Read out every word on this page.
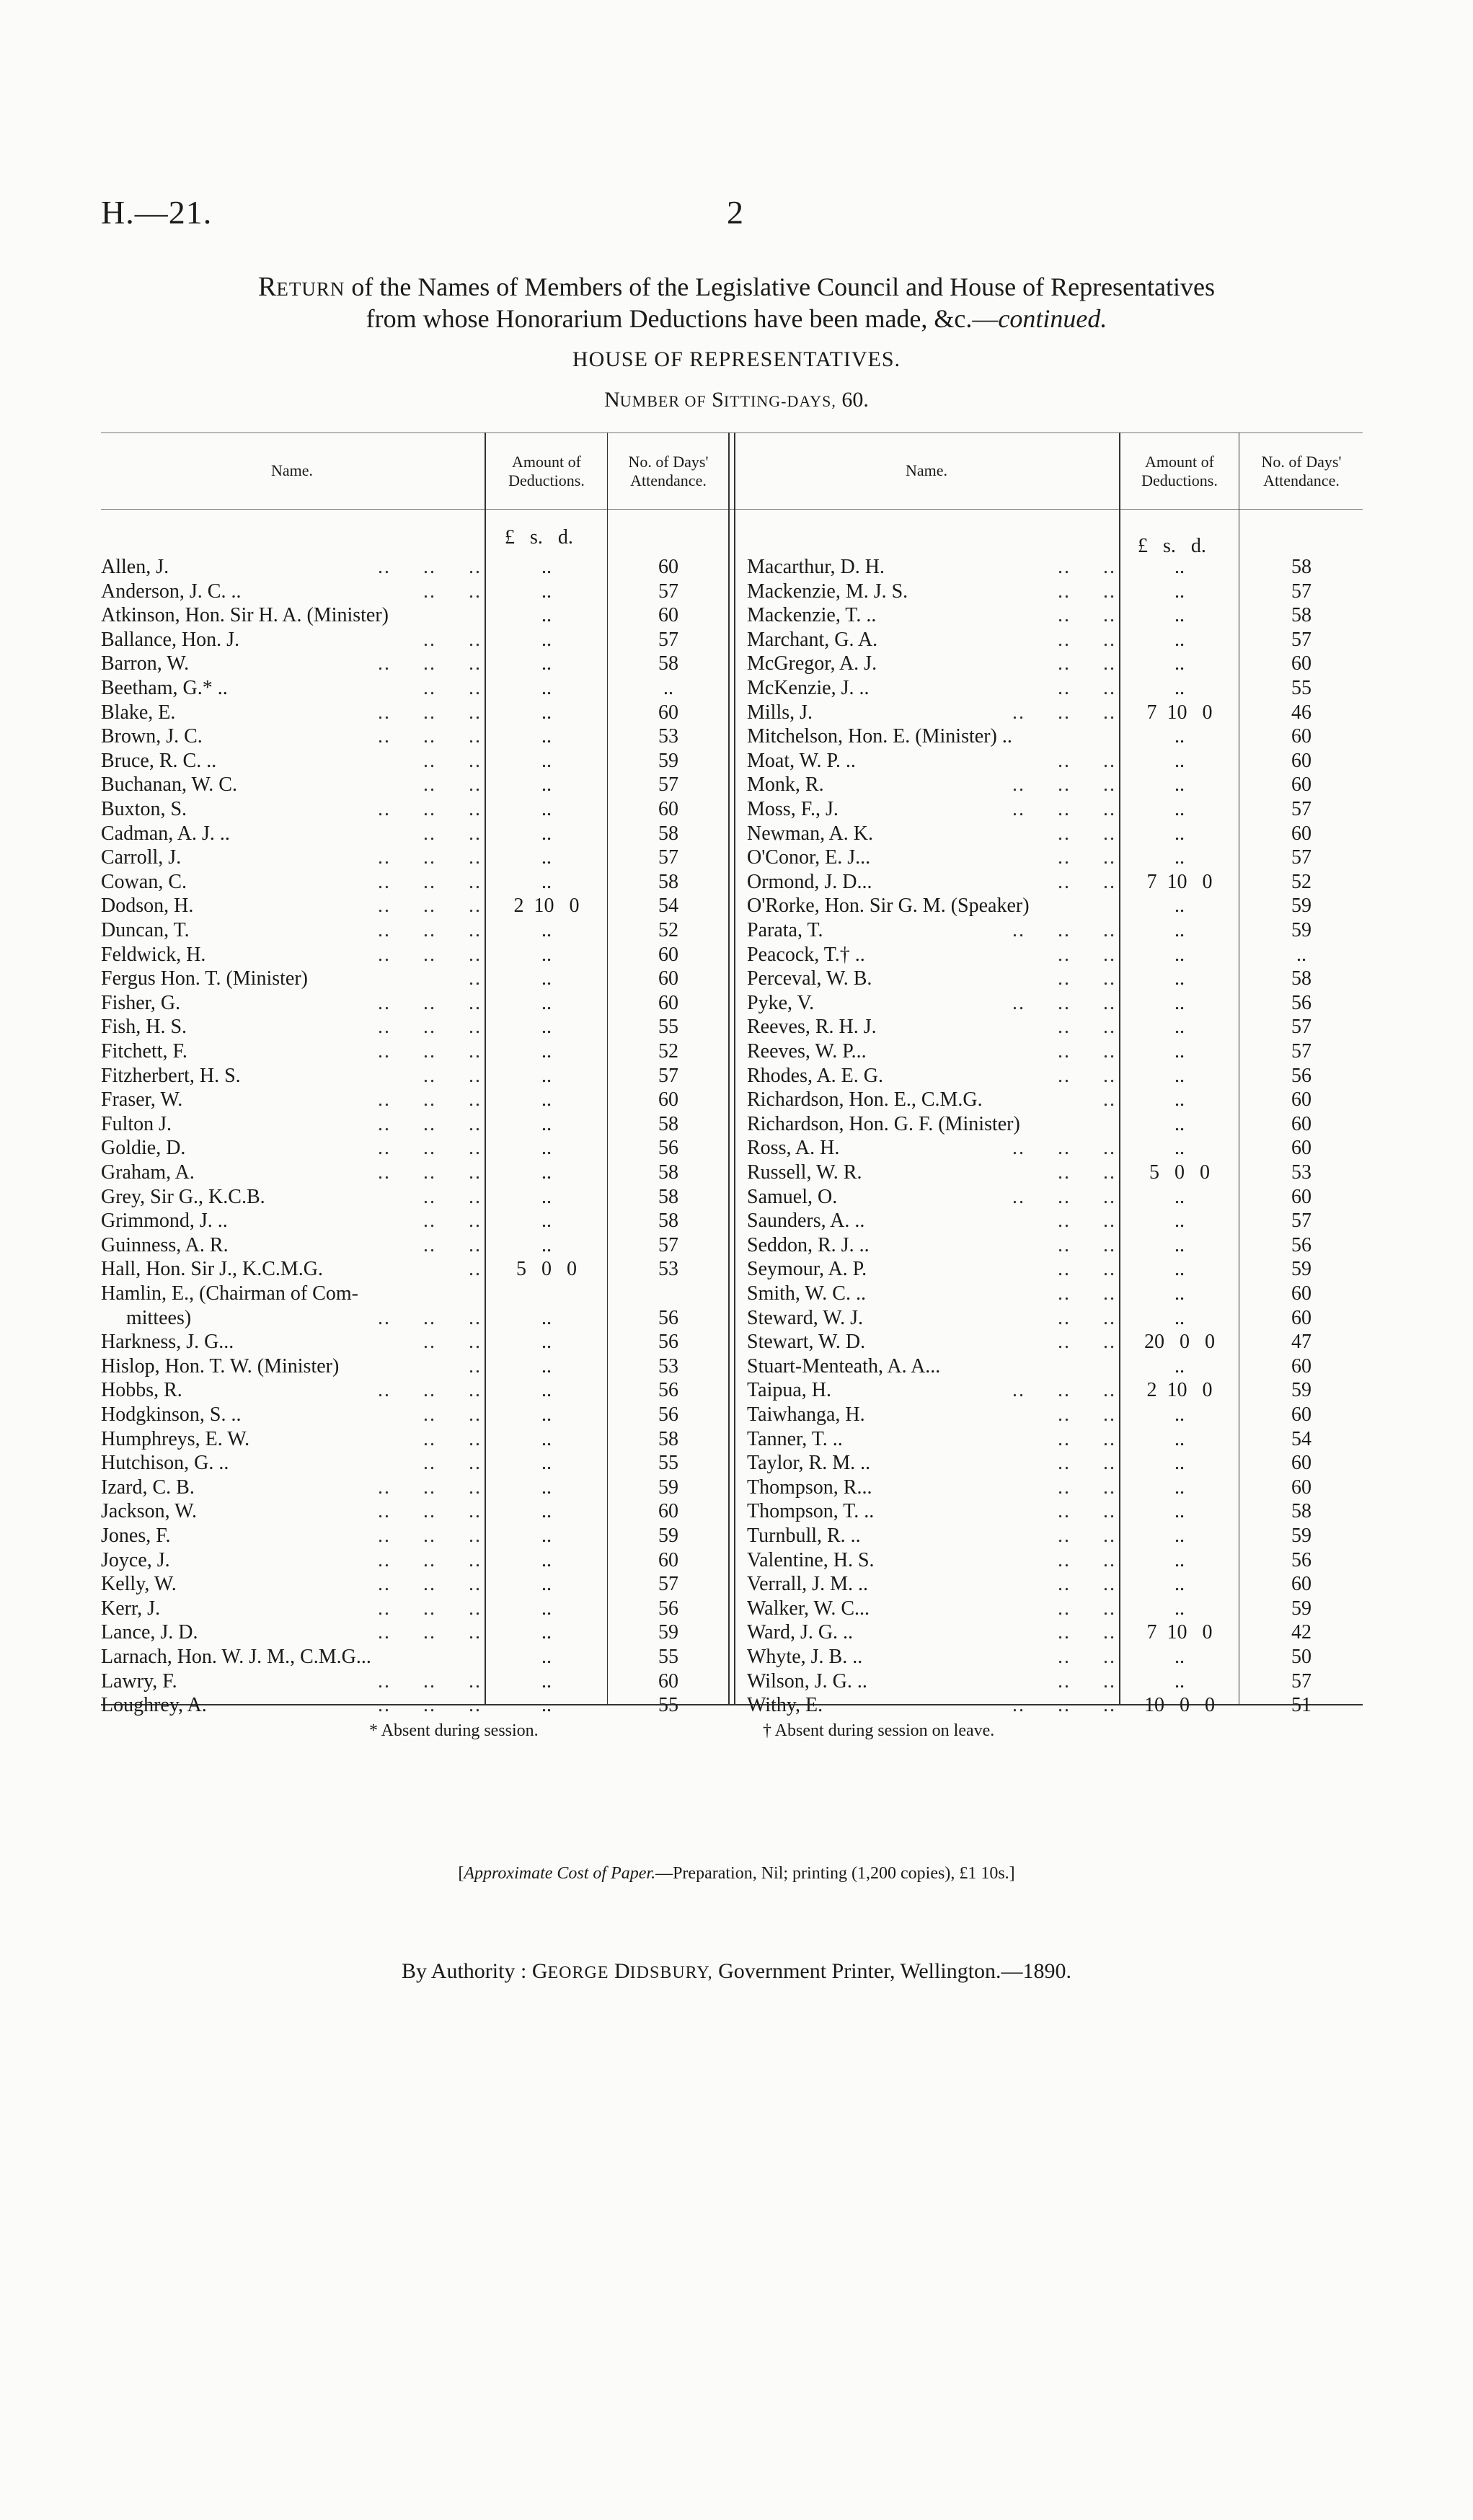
H.—21.	2
RETURN of the Names of Members of the Legislative Council and House of Representatives
from whose Honorarium Deductions have been made, &c.—continued.
HOUSE OF REPRESENTATIVES.
NUMBER OF SITTING-DAYS, 60.
Name.	Amount of
Deductions.
No. of Days'
Attendance.
Name.	Amount of
Deductions.
No. of Days'
Attendance.
£   s.   d.	£   s.   d.
Allen, J.	..     ..     ..	..	60
Anderson, J. C. ..	..     ..	..	57
Atkinson, Hon. Sir H. A. (Minister)	..	60
Ballance, Hon. J.	..     ..	..	57
Barron, W.	..     ..     ..	..	58
Beetham, G.* ..	..     ..	..	..
Blake, E.	..     ..     ..	..	60
Brown, J. C.	..     ..     ..	..	53
Bruce, R. C. ..	..     ..	..	59
Buchanan, W. C.	..     ..	..	57
Buxton, S.	..     ..     ..	..	60
Cadman, A. J. ..	..     ..	..	58
Carroll, J.	..     ..     ..	..	57
Cowan, C.	..     ..     ..	..	58
Dodson, H.	..     ..     ..	2  10   0	54
Duncan, T.	..     ..     ..	..	52
Feldwick, H.	..     ..     ..	..	60
Fergus Hon. T. (Minister)	..	..	60
Fisher, G.	..     ..     ..	..	60
Fish, H. S.	..     ..     ..	..	55
Fitchett, F.	..     ..     ..	..	52
Fitzherbert, H. S.	..     ..	..	57
Fraser, W.	..     ..     ..	..	60
Fulton J.	..     ..     ..	..	58
Goldie, D.	..     ..     ..	..	56
Graham, A.	..     ..     ..	..	58
Grey, Sir G., K.C.B.	..     ..	..	58
Grimmond, J. ..	..     ..	..	58
Guinness, A. R.	..     ..	..	57
Hall, Hon. Sir J., K.C.M.G.	..	5   0   0	53
Hamlin, E., (Chairman of Com-
mittees)	..     ..     ..	..	56
Harkness, J. G...	..     ..	..	56
Hislop, Hon. T. W. (Minister)	..	..	53
Hobbs, R.	..     ..     ..	..	56
Hodgkinson, S. ..	..     ..	..	56
Humphreys, E. W.	..     ..	..	58
Hutchison, G. ..	..     ..	..	55
Izard, C. B.	..     ..     ..	..	59
Jackson, W.	..     ..     ..	..	60
Jones, F.	..     ..     ..	..	59
Joyce, J.	..     ..     ..	..	60
Kelly, W.	..     ..     ..	..	57
Kerr, J.	..     ..     ..	..	56
Lance, J. D.	..     ..     ..	..	59
Larnach, Hon. W. J. M., C.M.G...	..	55
Lawry, F.	..     ..     ..	..	60
Loughrey, A.	..     ..     ..	..	55
Macarthur, D. H.	..     ..	..	58
Mackenzie, M. J. S.	..     ..	..	57
Mackenzie, T. ..	..     ..	..	58
Marchant, G. A.	..     ..	..	57
McGregor, A. J.	..     ..	..	60
McKenzie, J. ..	..     ..	..	55
Mills, J.	..     ..     ..	7  10   0	46
Mitchelson, Hon. E. (Minister) ..	..	60
Moat, W. P. ..	..     ..	..	60
Monk, R.	..     ..     ..	..	60
Moss, F., J.	..     ..     ..	..	57
Newman, A. K.	..     ..	..	60
O'Conor, E. J...	..     ..	..	57
Ormond, J. D...	..     ..	7  10   0	52
O'Rorke, Hon. Sir G. M. (Speaker)	..	59
Parata, T.	..     ..     ..	..	59
Peacock, T.† ..	..     ..	..	..
Perceval, W. B.	..     ..	..	58
Pyke, V.	..     ..     ..	..	56
Reeves, R. H. J.	..     ..	..	57
Reeves, W. P...	..     ..	..	57
Rhodes, A. E. G.	..     ..	..	56
Richardson, Hon. E., C.M.G.	..	..	60
Richardson, Hon. G. F. (Minister)	..	60
Ross, A. H.	..     ..     ..	..	60
Russell, W. R.	..     ..	5   0   0	53
Samuel, O.	..     ..     ..	..	60
Saunders, A. ..	..     ..	..	57
Seddon, R. J. ..	..     ..	..	56
Seymour, A. P.	..     ..	..	59
Smith, W. C. ..	..     ..	..	60
Steward, W. J.	..     ..	..	60
Stewart, W. D.	..     ..	20   0   0	47
Stuart-Menteath, A. A...	..	60
Taipua, H.	..     ..     ..	2  10   0	59
Taiwhanga, H.	..     ..	..	60
Tanner, T. ..	..     ..	..	54
Taylor, R. M. ..	..     ..	..	60
Thompson, R...	..     ..	..	60
Thompson, T. ..	..     ..	..	58
Turnbull, R. ..	..     ..	..	59
Valentine, H. S.	..     ..	..	56
Verrall, J. M. ..	..     ..	..	60
Walker, W. C...	..     ..	..	59
Ward, J. G. ..	..     ..	7  10   0	42
Whyte, J. B. ..	..     ..	..	50
Wilson, J. G. ..	..     ..	..	57
Withy, E.	..     ..     ..	10   0   0	51
* Absent during session.	† Absent during session on leave.
[Approximate Cost of Paper.—Preparation, Nil; printing (1,200 copies), £1 10s.]
By Authority : GEORGE DIDSBURY, Government Printer, Wellington.—1890.
